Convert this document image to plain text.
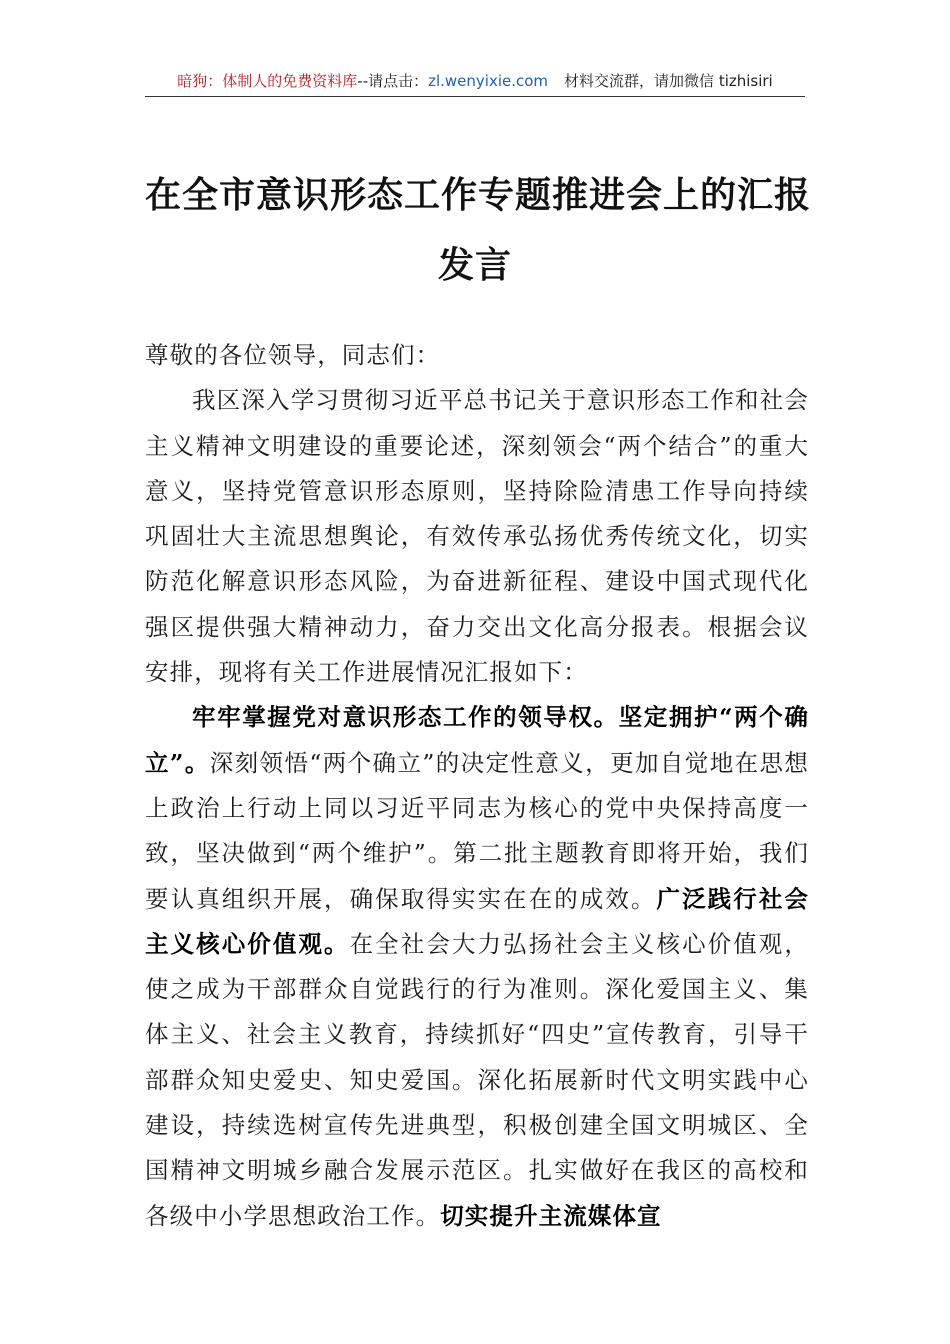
暗狗：体制人的免费资料库--请点击：zl.wenyixie.com 材料交流群，请加微信 tizhisiri
在全市意识形态工作专题推进会上的汇报
发言

尊敬的各位领导，同志们：

我区深入学习贯彻习近平总书记关于意识形态工作和社会主义精神文明建设的重要论述，深刻领会“两个结合”的重大意义，坚持党管意识形态原则，坚持除险清患工作导向持续巩固壮大主流思想舆论，有效传承弘扬优秀传统文化，切实防范化解意识形态风险，为奋进新征程、建设中国式现代化强区提供强大精神动力，奋力交出文化高分报表。根据会议安排，现将有关工作进展情况汇报如下：

牢牢掌握党对意识形态工作的领导权。坚定拥护“两个确立”。深刻领悟“两个确立”的决定性意义，更加自觉地在思想上政治上行动上同以习近平同志为核心的党中央保持高度一致，坚决做到“两个维护”。第二批主题教育即将开始，我们要认真组织开展，确保取得实实在在的成效。广泛践行社会主义核心价值观。在全社会大力弘扬社会主义核心价值观，使之成为干部群众自觉践行的行为准则。深化爱国主义、集体主义、社会主义教育，持续抓好“四史”宣传教育，引导干部群众知史爱史、知史爱国。深化拓展新时代文明实践中心建设，持续选树宣传先进典型，积极创建全国文明城区、全国精神文明城乡融合发展示范区。扎实做好在我区的高校和各级中小学思想政治工作。切实提升主流媒体宣
